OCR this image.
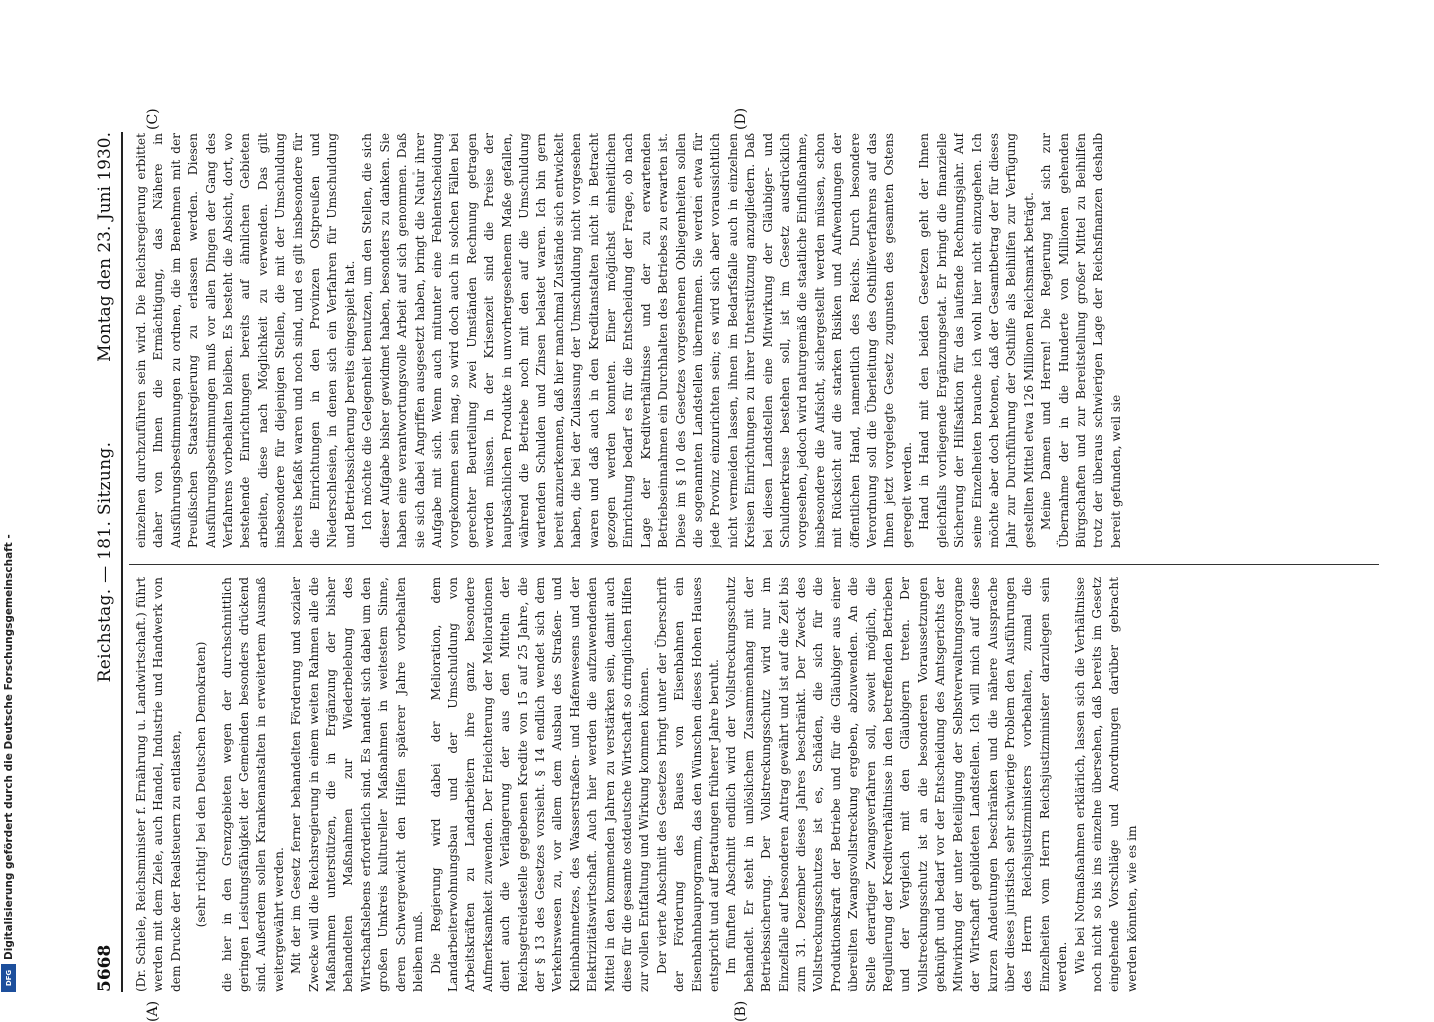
Digitalisierung gefördert durch die Deutsche Forschungsgemeinschaft -
DFG	5668
Reichstag. — 181. Sitzung.
Montag den 23. Juni 1930.
(A)	(B)
(C)	(D)

(Dr. Schiele, Reichsminister f. Ernährung u. Landwirtschaft.) führt werden mit dem Ziele, auch Handel, Industrie und Handwerk von dem Drucke der Realsteuern zu entlasten, (sehr richtig! bei den Deutschen Demokraten) die hier in den Grenzgebieten wegen der durchschnittlich geringen Leistungsfähigkeit der Gemeinden besonders drückend sind. Außerdem sollen Krankenanstalten in erweitertem Ausmaß weitergewährt werden. Mit der im Gesetz ferner behandelten Förderung und sozialer Zwecke will die Reichsregierung in einem weiten Rahmen alle die Maßnahmen unterstützen, die in Ergänzung der bisher behandelten Maßnahmen zur Wiederbelebung des Wirtschaftslebens erforderlich sind. Es handelt sich dabei um den großen Umkreis kultureller Maßnahmen in weitestem Sinne, deren Schwergewicht den Hilfen späterer Jahre vorbehalten bleiben muß. Die Regierung wird dabei der Melioration, dem Landarbeiterwohnungsbau und der Umschuldung von Arbeitskräften zu Landarbeitern ihre ganz besondere Aufmerksamkeit zuwenden. Der Erleichterung der Meliorationen dient auch die Verlängerung der aus den Mitteln der Reichsgetreidestelle gegebenen Kredite von 15 auf 25 Jahre, die der § 13 des Gesetzes vorsieht. § 14 endlich wendet sich dem Verkehrswesen zu, vor allem dem Ausbau des Straßen- und Kleinbahnnetzes, des Wasserstraßen- und Hafenwesens und der Elektrizitätswirtschaft. Auch hier werden die aufzuwendenden Mittel in den kommenden Jahren zu verstärken sein, damit auch diese für die gesamte ostdeutsche Wirtschaft so dringlichen Hilfen zur vollen Entfaltung und Wirkung kommen können. Der vierte Abschnitt des Gesetzes bringt unter der Überschrift der Förderung des Baues von Eisenbahnen ein Eisenbahnbauprogramm, das den Wünschen dieses Hohen Hauses entspricht und auf Beratungen früherer Jahre beruht. Im fünften Abschnitt endlich wird der Vollstreckungsschutz behandelt. Er steht in unlöslichem Zusammenhang mit der Betriebssicherung. Der Vollstreckungsschutz wird nur im Einzelfalle auf besonderen Antrag gewährt und ist auf die Zeit bis zum 31. Dezember dieses Jahres beschränkt. Der Zweck des Vollstreckungsschutzes ist es, Schäden, die sich für die Produktionskraft der Betriebe und für die Gläubiger aus einer übereilten Zwangsvollstreckung ergeben, abzuwenden. An die Stelle derartiger Zwangsverfahren soll, soweit möglich, die Regulierung der Kreditverhältnisse in den betreffenden Betrieben und der Vergleich mit den Gläubigern treten. Der Vollstreckungsschutz ist an die besonderen Voraussetzungen geknüpft und bedarf vor der Entscheidung des Amtsgerichts der Mitwirkung der unter Beteiligung der Selbstverwaltungsorgane der Wirtschaft gebildeten Landstellen. Ich will mich auf diese kurzen Andeutungen beschränken und die nähere Aussprache über dieses juristisch sehr schwierige Problem den Ausführungen des Herrn Reichsjustizministers vorbehalten, zumal die Einzelheiten vom Herrn Reichsjustizminister darzulegen sein werden. Wie bei Notmaßnahmen erklärlich, lassen sich die Verhältnisse noch nicht so bis ins einzelne übersehen, daß bereits im Gesetz eingehende Vorschläge und Anordnungen darüber gebracht werden könnten, wie es im

einzelnen durchzuführen sein wird. Die Reichsregierung erbittet daher von Ihnen die Ermächtigung, das Nähere in Ausführungsbestimmungen zu ordnen, die im Benehmen mit der Preußischen Staatsregierung zu erlassen werden. Diesen Ausführungsbestimmungen muß vor allen Dingen der Gang des Verfahrens vorbehalten bleiben. Es besteht die Absicht, dort, wo bestehende Einrichtungen bereits auf ähnlichen Gebieten arbeiten, diese nach Möglichkeit zu verwenden. Das gilt insbesondere für diejenigen Stellen, die mit der Umschuldung bereits befaßt waren und noch sind, und es gilt insbesondere für die Einrichtungen in den Provinzen Ostpreußen und Niederschlesien, in denen sich ein Verfahren für Umschuldung und Betriebssicherung bereits eingespielt hat. Ich möchte die Gelegenheit benutzen, um den Stellen, die sich dieser Aufgabe bisher gewidmet haben, besonders zu danken. Sie haben eine verantwortungsvolle Arbeit auf sich genommen. Daß sie sich dabei Angriffen ausgesetzt haben, bringt die Natur ihrer Aufgabe mit sich. Wenn auch mitunter eine Fehlentscheidung vorgekommen sein mag, so wird doch auch in solchen Fällen bei gerechter Beurteilung zwei Umständen Rechnung getragen werden müssen. In der Krisenzeit sind die Preise der hauptsächlichen Produkte in unvorhergesehenem Maße gefallen, während die Betriebe noch mit den auf die Umschuldung wartenden Schulden und Zinsen belastet waren. Ich bin gern bereit anzuerkennen, daß hier manchmal Zustände sich entwickelt haben, die bei der Zulassung der Umschuldung nicht vorgesehen waren und daß auch in den Kreditanstalten nicht in Betracht gezogen werden konnten. Einer möglichst einheitlichen Einrichtung bedarf es für die Entscheidung der Frage, ob nach Lage der Kreditverhältnisse und der zu erwartenden Betriebseinnahmen ein Durchhalten des Betriebes zu erwarten ist. Diese im § 10 des Gesetzes vorgesehenen Obliegenheiten sollen die sogenannten Landstellen übernehmen. Sie werden etwa für jede Provinz einzurichten sein; es wird sich aber voraussichtlich nicht vermeiden lassen, ihnen im Bedarfsfalle auch in einzelnen Kreisen Einrichtungen zu ihrer Unterstützung anzugliedern. Daß bei diesen Landstellen eine Mitwirkung der Gläubiger- und Schuldnerkreise bestehen soll, ist im Gesetz ausdrücklich vorgesehen, jedoch wird naturgemäß die staatliche Einflußnahme, insbesondere die Aufsicht, sichergestellt werden müssen, schon mit Rücksicht auf die starken Risiken und Aufwendungen der öffentlichen Hand, namentlich des Reichs. Durch besondere Verordnung soll die Überleitung des Osthilfeverfahrens auf das Ihnen jetzt vorgelegte Gesetz zugunsten des gesamten Ostens geregelt werden. Hand in Hand mit den beiden Gesetzen geht der Ihnen gleichfalls vorliegende Ergänzungsetat. Er bringt die finanzielle Sicherung der Hilfsaktion für das laufende Rechnungsjahr. Auf seine Einzelheiten brauche ich wohl hier nicht einzugehen. Ich möchte aber doch betonen, daß der Gesamtbetrag der für dieses Jahr zur Durchführung der Osthilfe als Beihilfen zur Verfügung gestellten Mittel etwa 126 Millionen Reichsmark beträgt. Meine Damen und Herren! Die Regierung hat sich zur Übernahme der in die Hunderte von Millionen gehenden Bürgschaften und zur Bereitstellung großer Mittel zu Beihilfen trotz der überaus schwierigen Lage der Reichsfinanzen deshalb bereit gefunden, weil sie
